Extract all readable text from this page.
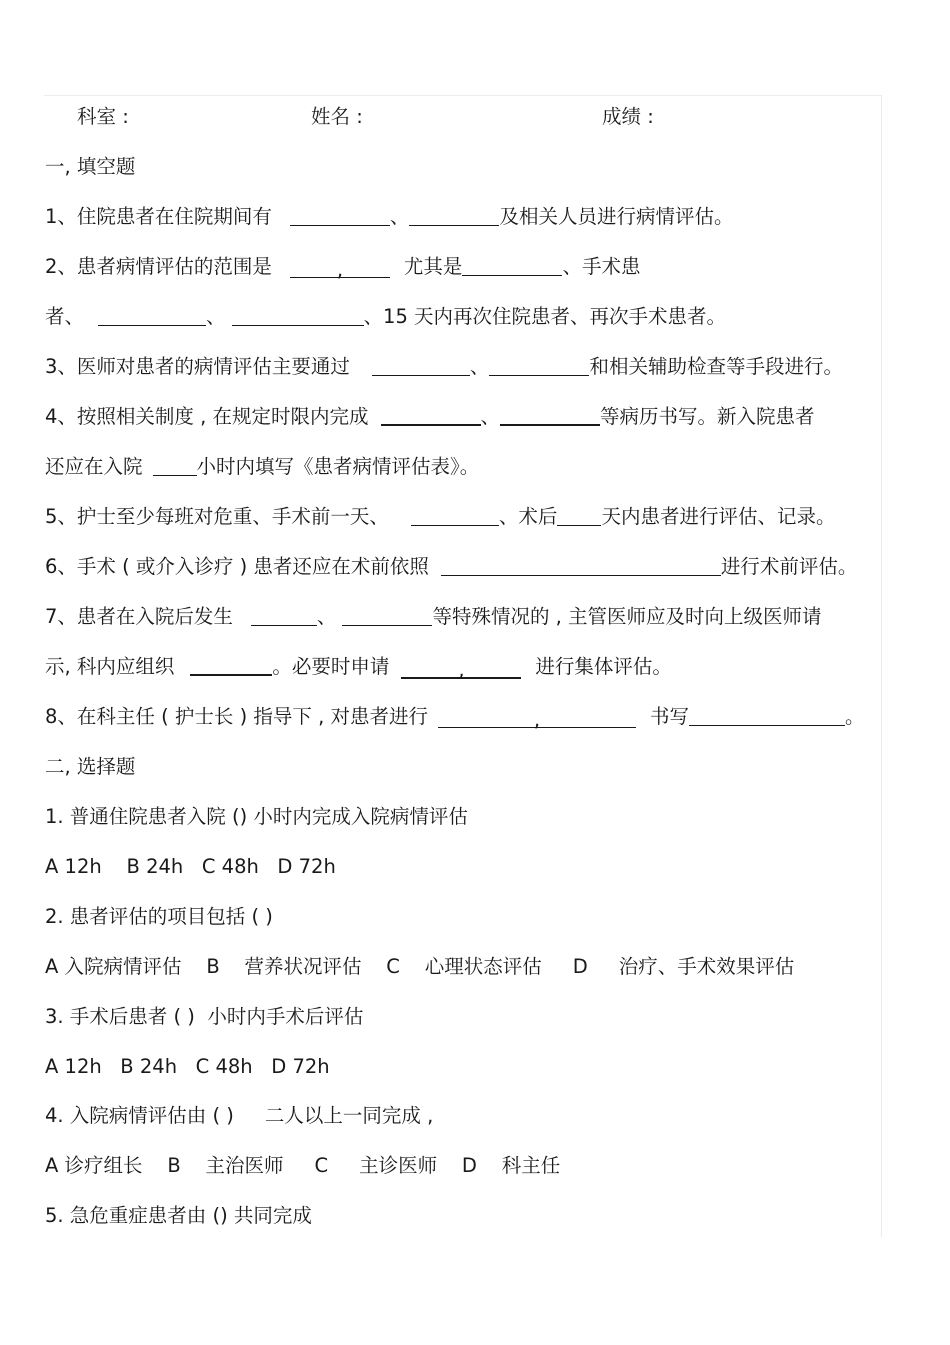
科室 :	姓名 :	成绩 :
一, 填空题
1、住院患者在住院期间有	、	及相关人员进行病情评估。
2、患者病情评估的范围是	,	尤其是	、手术患
者、	、	、15 天内再次住院患者、再次手术患者。
3、医师对患者的病情评估主要通过	、	和相关辅助检查等手段进行。
4、按照相关制度 , 在规定时限内完成	、	等病历书写。新入院患者
还应在入院	小时内填写《患者病情评估表》。
5、护士至少每班对危重、手术前一天、	、术后 天内患者进行评估、记录。
6、手术 ( 或介入诊疗 ) 患者还应在术前依照	进行术前评估。
7、患者在入院后发生	、	等特殊情况的 , 主管医师应及时向上级医师请
示, 科内应组织	。必要时申请	,	进行集体评估。
8、在科主任 ( 护士长 ) 指导下 , 对患者进行	,	书写	。
二, 选择题
1. 普通住院患者入院 () 小时内完成入院病情评估
A 12h    B 24h   C 48h   D 72h
2. 患者评估的项目包括 ( )
A 入院病情评估    B    营养状况评估    C    心理状态评估     D     治疗、手术效果评估
3. 手术后患者 ( )  小时内手术后评估
A 12h   B 24h   C 48h   D 72h
4. 入院病情评估由 ( )     二人以上一同完成 ,
A 诊疗组长    B    主治医师     C     主诊医师    D    科主任
5. 急危重症患者由 () 共同完成
